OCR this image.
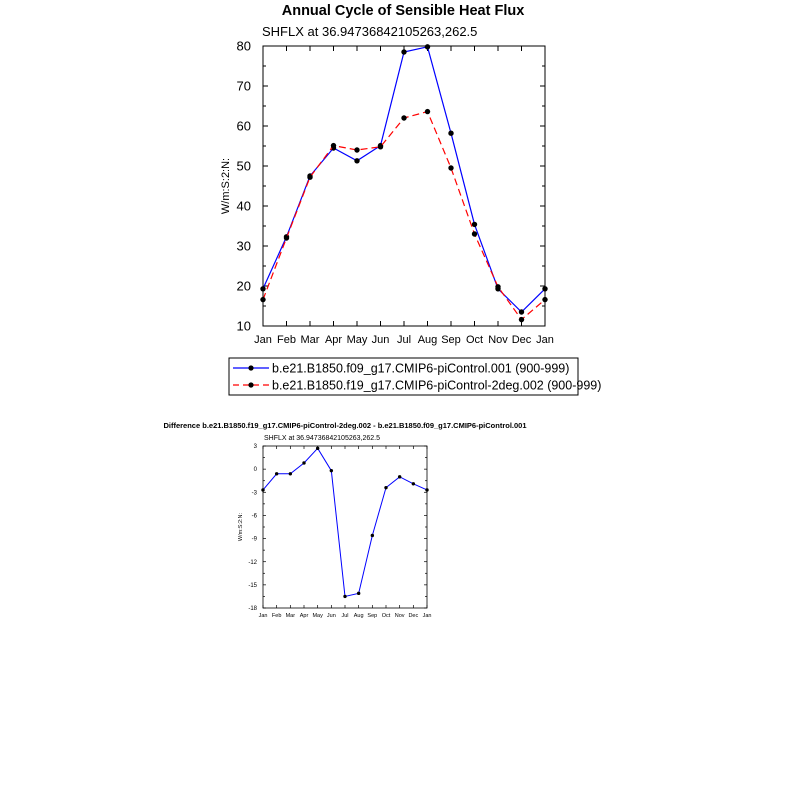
Annual Cycle of Sensible Heat Flux
SHFLX at 36.94736842105263,262.5
W/m:S:2:N:
10
20
30
40
50
60
70
80
Jan Feb Mar Apr May Jun Jul Aug Sep Oct Nov Dec Jan
b.e21.B1850.f09_g17.CMIP6-piControl.001 (900-999)
b.e21.B1850.f19_g17.CMIP6-piControl-2deg.002 (900-999)
Difference b.e21.B1850.f19_g17.CMIP6-piControl-2deg.002 - b.e21.B1850.f09_g17.CMIP6-piControl.001
SHFLX at 36.94736842105263,262.5
W/m:S:2:N:
-18
-15
-12
-9
-6
-3
0
3
Jan Feb Mar Apr May Jun Jul Aug Sep Oct Nov Dec Jan
